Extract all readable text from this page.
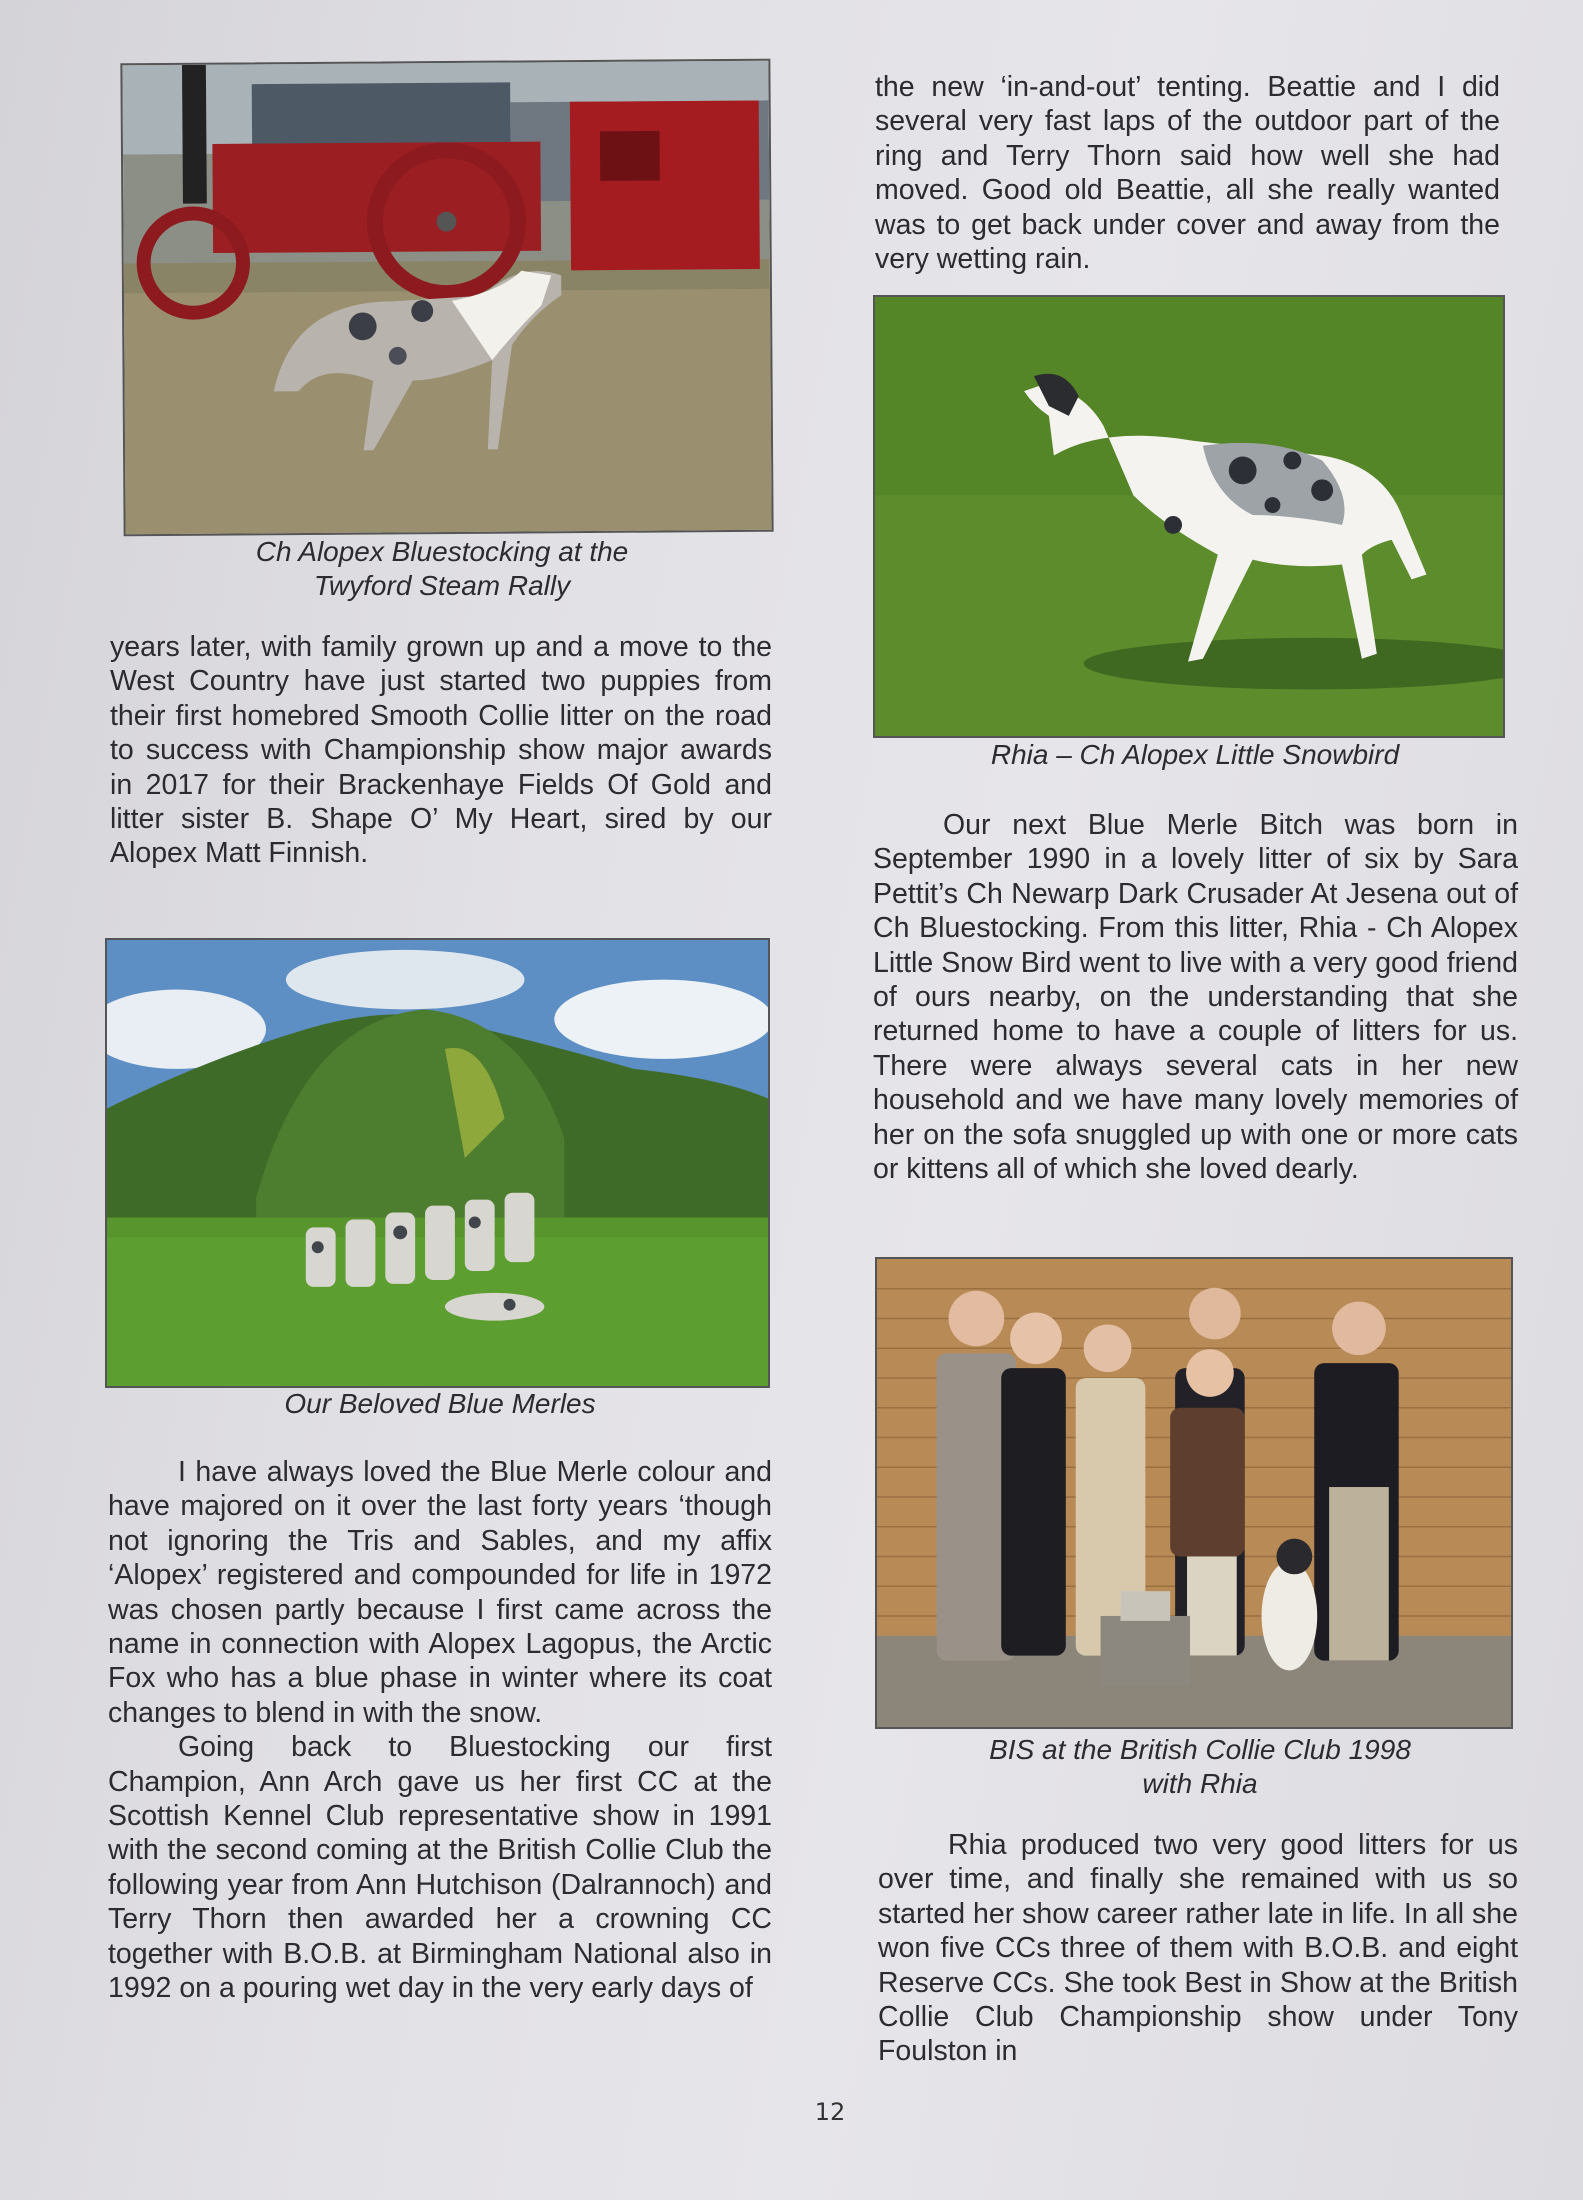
Ch Alopex Bluestocking at the Twyford Steam Rally

years later, with family grown up and a move to the West Country have just started two puppies from their first homebred Smooth Collie litter on the road to success with Championship show major awards in 2017 for their Brackenhaye Fields Of Gold and litter sister B. Shape O’ My Heart, sired by our Alopex Matt Finnish.

Our Beloved Blue Merles

I have always loved the Blue Merle colour and have majored on it over the last forty years ‘though not ignoring the Tris and Sables, and my affix ‘Alopex’ registered and compounded for life in 1972 was chosen partly because I first came across the name in connection with Alopex Lagopus, the Arctic Fox who has a blue phase in winter where its coat changes to blend in with the snow.

Going back to Bluestocking our first Champion, Ann Arch gave us her first CC at the Scottish Kennel Club representative show in 1991 with the second coming at the British Collie Club the following year from Ann Hutchison (Dalrannoch) and Terry Thorn then awarded her a crowning CC together with B.O.B. at Birmingham National also in 1992 on a pouring wet day in the very early days of

the new ‘in-and-out’ tenting. Beattie and I did several very fast laps of the outdoor part of the ring and Terry Thorn said how well she had moved. Good old Beattie, all she really wanted was to get back under cover and away from the very wetting rain.

Rhia – Ch Alopex Little Snowbird

Our next Blue Merle Bitch was born in September 1990 in a lovely litter of six by Sara Pettit’s Ch Newarp Dark Crusader At Jesena out of Ch Bluestocking. From this litter, Rhia - Ch Alopex Little Snow Bird went to live with a very good friend of ours nearby, on the understanding that she returned home to have a couple of litters for us. There were always several cats in her new household and we have many lovely memories of her on the sofa snuggled up with one or more cats or kittens all of which she loved dearly.

BIS at the British Collie Club 1998
with Rhia

Rhia produced two very good litters for us over time, and finally she remained with us so started her show career rather late in life. In all she won five CCs three of them with B.O.B. and eight Reserve CCs. She took Best in Show at the British Collie Club Championship show under Tony Foulston in

12
